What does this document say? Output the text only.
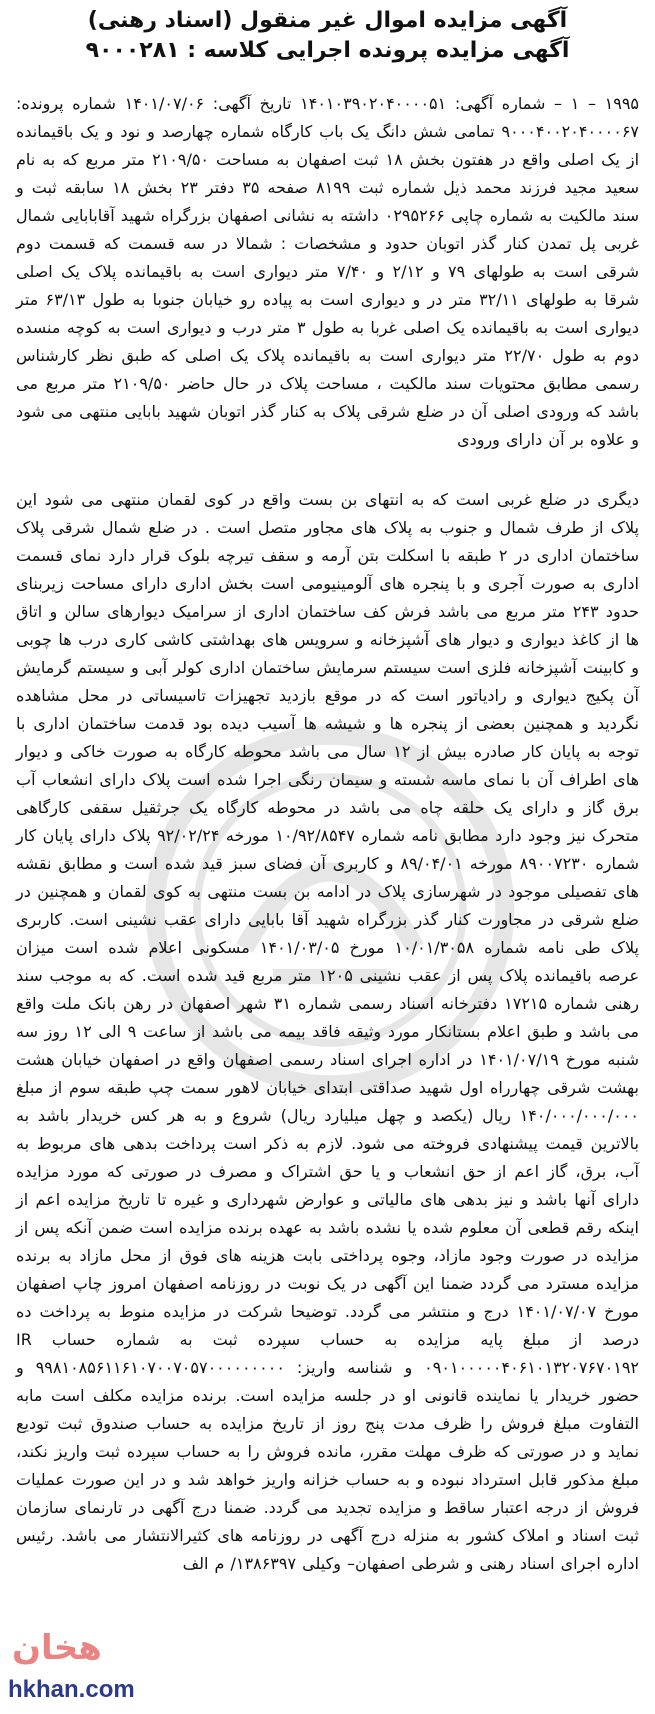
آگهی مزایده اموال غیر منقول (اسناد رهنی)
آگهی مزایده پرونده اجرایی کلاسه : ۹۰۰۰۲۸۱

۱۹۹۵ – ۱ – شماره آگهی: ۱۴۰۱۰۳۹۰۲۰۴۰۰۰۰۵۱ تاریخ آگهی: ۱۴۰۱/۰۷/۰۶ شماره پرونده: ۹۰۰۰۴۰۰۲۰۴۰۰۰۰۶۷ تمامی شش دانگ یک باب کارگاه شماره چهارصد و نود و یک باقیمانده از یک اصلی واقع در هفتون بخش ۱۸ ثبت اصفهان به مساحت ۲۱۰۹/۵۰ متر مربع که به نام سعید مجید فرزند محمد ذیل شماره ثبت ۸۱۹۹ صفحه ۳۵ دفتر ۲۳ بخش ۱۸ سابقه ثبت و سند مالکیت به شماره چاپی ۰۲۹۵۲۶۶ داشته به نشانی اصفهان بزرگراه شهید آقابابایی شمال غربی پل تمدن کنار گذر اتوبان حدود و مشخصات : شمالا در سه قسمت که قسمت دوم شرقی است به طولهای ۷۹ و ۲/۱۲ و ۷/۴۰ متر دیواری است به باقیمانده پلاک یک اصلی شرقا به طولهای ۳۲/۱۱ متر در و دیواری است به پیاده رو خیابان جنوبا به طول ۶۳/۱۳ متر دیواری است به باقیمانده یک اصلی غربا به طول ۳ متر درب و دیواری است به کوچه منسده دوم به طول ۲۲/۷۰ متر دیواری است به باقیمانده پلاک یک اصلی که طبق نظر کارشناس رسمی مطابق محتویات سند مالکیت ، مساحت پلاک در حال حاضر ۲۱۰۹/۵۰ متر مربع می باشد که ورودی اصلی آن در ضلع شرقی پلاک به کنار گذر اتوبان شهید بابایی منتهی می شود و علاوه بر آن دارای ورودی

دیگری در ضلع غربی است که به انتهای بن بست واقع در کوی لقمان منتهی می شود این پلاک از طرف شمال و جنوب به پلاک های مجاور متصل است . در ضلع شمال شرقی پلاک ساختمان اداری در ۲ طبقه با اسکلت بتن آرمه و سقف تیرچه بلوک قرار دارد نمای قسمت اداری به صورت آجری و با پنجره های آلومینیومی است بخش اداری دارای مساحت زیربنای حدود ۲۴۳ متر مربع می باشد فرش کف ساختمان اداری از سرامیک دیوارهای سالن و اتاق ها از کاغذ دیواری و دیوار های آشپزخانه و سرویس های بهداشتی کاشی کاری درب ها چوبی و کابینت آشپزخانه فلزی است سیستم سرمایش ساختمان اداری کولر آبی و سیستم گرمایش آن پکیج دیواری و رادیاتور است که در موقع بازدید تجهیزات تاسیساتی در محل مشاهده نگردید و همچنین بعضی از پنجره ها و شیشه ها آسیب دیده بود قدمت ساختمان اداری با توجه به پایان کار صادره بیش از ۱۲ سال می باشد محوطه کارگاه به صورت خاکی و دیوار های اطراف آن با نمای ماسه شسته و سیمان رنگی اجرا شده است پلاک دارای انشعاب آب برق گاز و دارای یک حلقه چاه می باشد در محوطه کارگاه یک جرثقیل سقفی کارگاهی متحرک نیز وجود دارد مطابق نامه شماره ۱۰/۹۲/۸۵۴۷ مورخه ۹۲/۰۲/۲۴ پلاک دارای پایان کار شماره ۸۹۰۰۷۲۳۰ مورخه ۸۹/۰۴/۰۱ و کاربری آن فضای سبز قید شده است و مطابق نقشه های تفصیلی موجود در شهرسازی پلاک در ادامه بن بست منتهی به کوی لقمان و همچنین در ضلع شرقی در مجاورت کنار گذر بزرگراه شهید آقا بابایی دارای عقب نشینی است. کاربری پلاک طی نامه شماره ۱۰/۰۱/۳۰۵۸ مورخ ۱۴۰۱/۰۳/۰۵ مسکونی اعلام شده است میزان عرصه باقیمانده پلاک پس از عقب نشینی ۱۲۰۵ متر مربع قید شده است. که به موجب سند رهنی شماره ۱۷۲۱۵ دفترخانه اسناد رسمی شماره ۳۱ شهر اصفهان در رهن بانک ملت واقع می باشد و طبق اعلام بستانکار مورد وثیقه فاقد بیمه می باشد از ساعت ۹ الی ۱۲ روز سه شنبه مورخ ۱۴۰۱/۰۷/۱۹ در اداره اجرای اسناد رسمی اصفهان واقع در اصفهان خیابان هشت بهشت شرقی چهارراه اول شهید صداقتی ابتدای خیابان لاهور سمت چپ طبقه سوم از مبلغ ۱۴۰/۰۰۰/۰۰۰/۰۰۰ ریال (یکصد و چهل میلیارد ریال) شروع و به هر کس خریدار باشد به بالاترین قیمت پیشنهادی فروخته می شود. لازم به ذکر است پرداخت بدهی های مربوط به آب، برق، گاز اعم از حق انشعاب و یا حق اشتراک و مصرف در صورتی که مورد مزایده دارای آنها باشد و نیز بدهی های مالیاتی و عوارض شهرداری و غیره تا تاریخ مزایده اعم از اینکه رقم قطعی آن معلوم شده یا نشده باشد به عهده برنده مزایده است ضمن آنکه پس از مزایده در صورت وجود مازاد، وجوه پرداختی بابت هزینه های فوق از محل مازاد به برنده مزایده مسترد می گردد ضمنا این آگهی در یک نوبت در روزنامه اصفهان امروز چاپ اصفهان مورخ ۱۴۰۱/۰۷/۰۷ درج و منتشر می گردد. توضیحا شرکت در مزایده منوط به پرداخت ده درصد از مبلغ پایه مزایده به حساب سپرده ثبت به شماره حساب IR ۰۹۰۱۰۰۰۰۰۴۰۶۱۰۱۳۲۰۷۶۷۰۱۹۲ و شناسه واریز: ۹۹۸۱۰۸۵۶۱۱۶۱۰۷۰۰۷۰۵۷۰۰۰۰۰۰۰۰۰ و حضور خریدار یا نماینده قانونی او در جلسه مزایده است. برنده مزایده مکلف است مابه التفاوت مبلغ فروش را ظرف مدت پنج روز از تاریخ مزایده به حساب صندوق ثبت تودیع نماید و در صورتی که ظرف مهلت مقرر، مانده فروش را به حساب سپرده ثبت واریز نکند، مبلغ مذکور قابل استرداد نبوده و به حساب خزانه واریز خواهد شد و در این صورت عملیات فروش از درجه اعتبار ساقط و مزایده تجدید می گردد. ضمنا درج آگهی در تارنمای سازمان ثبت اسناد و املاک کشور به منزله درج آگهی در روزنامه های کثیرالانتشار می باشد. رئیس اداره اجرای اسناد رهنی و شرطی اصفهان– وکیلی ۱۳۸۶۳۹۷/ م الف

هخان
hkhan.com
